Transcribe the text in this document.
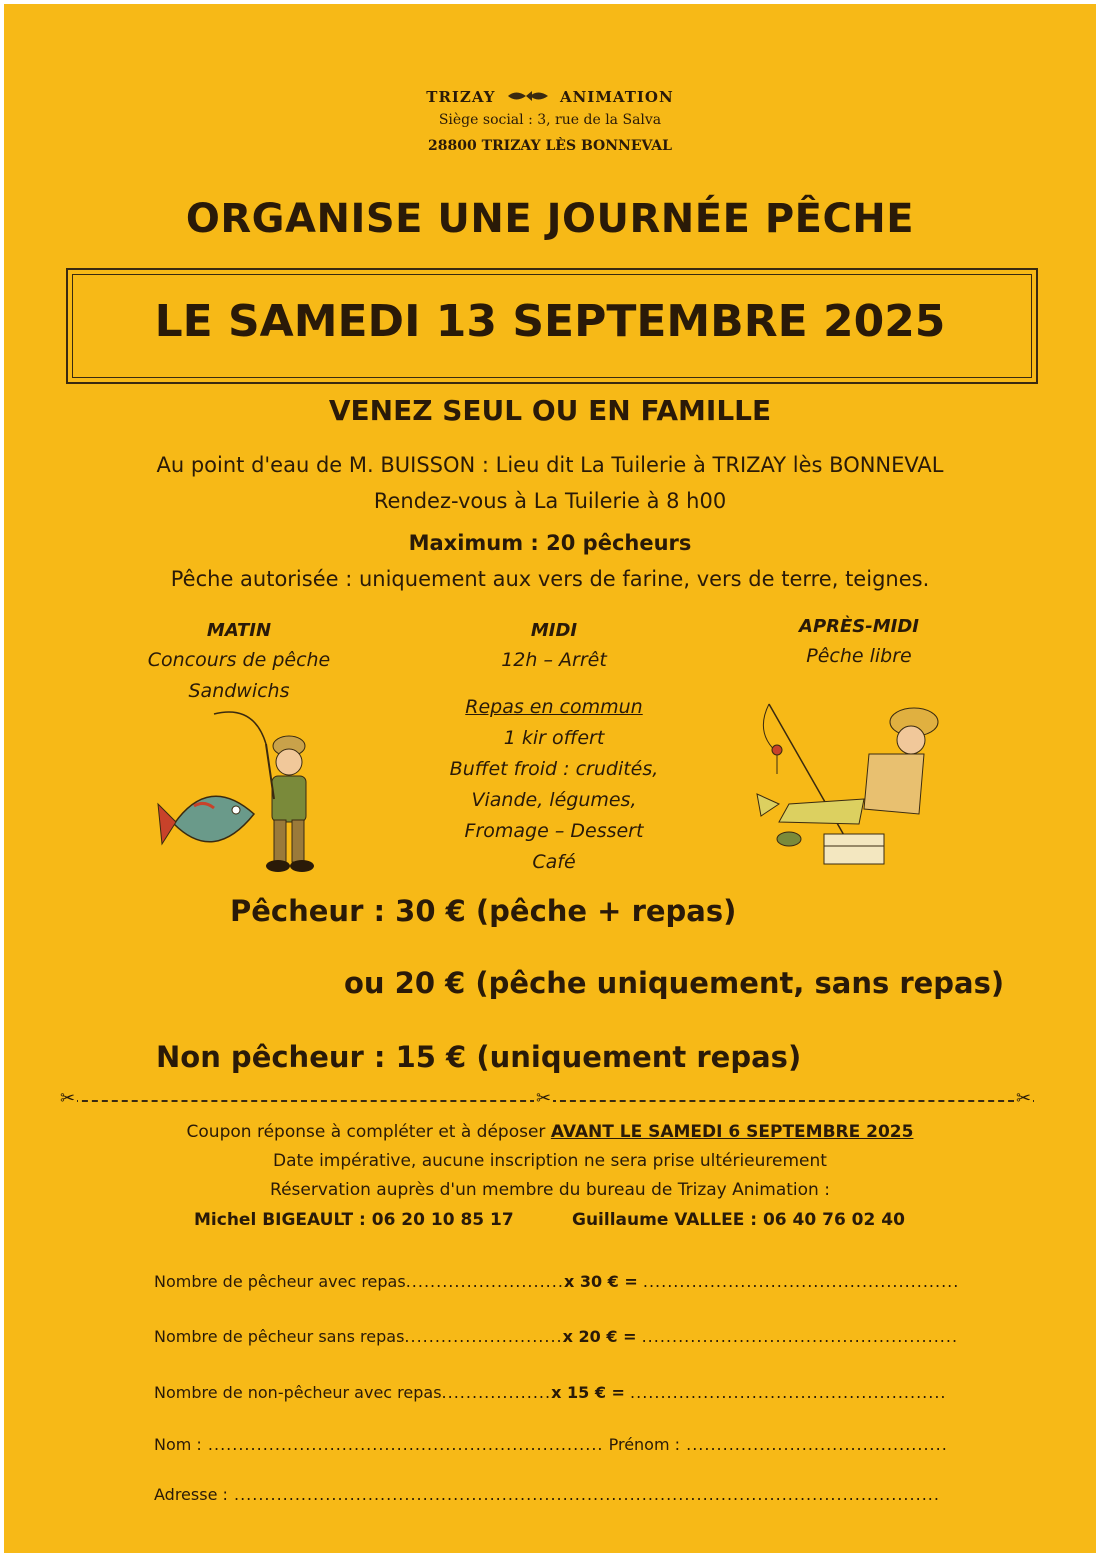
TRIZAY	ANIMATION
Siège social : 3, rue de la Salva
28800 TRIZAY LÈS BONNEVAL
ORGANISE UNE JOURNÉE PÊCHE
LE SAMEDI 13 SEPTEMBRE 2025
VENEZ SEUL OU EN FAMILLE
Au point d'eau de M. BUISSON : Lieu dit La Tuilerie à TRIZAY lès BONNEVAL
Rendez-vous à La Tuilerie à 8 h00
Maximum : 20 pêcheurs
Pêche autorisée : uniquement aux vers de farine, vers de terre, teignes.
MATIN
Concours de pêche
Sandwichs
MIDI
12h – Arrêt
Repas en commun
1 kir offert
Buffet froid : crudités,
Viande, légumes,
Fromage – Dessert
Café
APRÈS-MIDI
Pêche libre
Pêcheur : 30 € (pêche + repas)
ou 20 € (pêche uniquement, sans repas)
Non pêcheur : 15 € (uniquement repas)
✂	✂	✂
Coupon réponse à compléter et à déposer AVANT LE SAMEDI 6 SEPTEMBRE 2025
Date impérative, aucune inscription ne sera prise ultérieurement
Réservation auprès d'un membre du bureau de Trizay Animation :
Michel BIGEAULT : 06 20 10 85 17	Guillaume VALLEE : 06 40 76 02 40
Nombre de pêcheur avec repas..........................x 30 € = ....................................................
Nombre de pêcheur sans repas..........................x 20 € = ....................................................
Nombre de non-pêcheur avec repas..................x 15 € = ....................................................
Nom : ................................................................. Prénom : ...........................................
Adresse : ....................................................................................................................
